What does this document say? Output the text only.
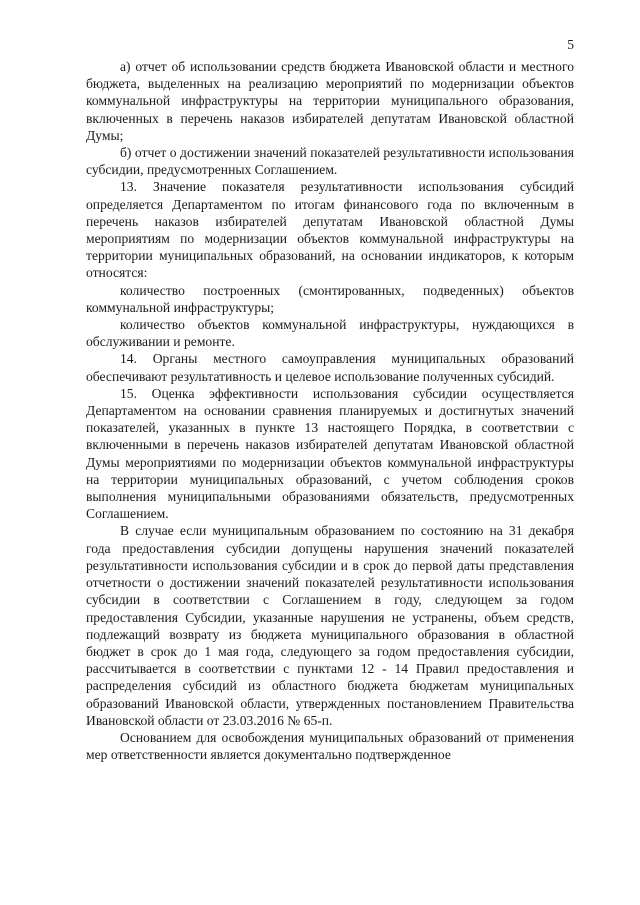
5

а) отчет об использовании средств бюджета Ивановской области и местного бюджета, выделенных на реализацию мероприятий по модернизации объектов коммунальной инфраструктуры на территории муниципального образования, включенных в перечень наказов избирателей депутатам Ивановской областной Думы;

б) отчет о достижении значений показателей результативности использования субсидии, предусмотренных Соглашением.

13. Значение показателя результативности использования субсидий определяется Департаментом по итогам финансового года по включенным в перечень наказов избирателей депутатам Ивановской областной Думы мероприятиям по модернизации объектов коммунальной инфраструктуры на территории муниципальных образований, на основании индикаторов, к которым относятся:

количество построенных (смонтированных, подведенных) объектов коммунальной инфраструктуры;

количество объектов коммунальной инфраструктуры, нуждающихся в обслуживании и ремонте.

14. Органы местного самоуправления муниципальных образований обеспечивают результативность и целевое использование полученных субсидий.

15. Оценка эффективности использования субсидии осуществляется Департаментом на основании сравнения планируемых и достигнутых значений показателей, указанных в пункте 13 настоящего Порядка, в соответствии с включенными в перечень наказов избирателей депутатам Ивановской областной Думы мероприятиями по модернизации объектов коммунальной инфраструктуры на территории муниципальных образований, с учетом соблюдения сроков выполнения муниципальными образованиями обязательств, предусмотренных Соглашением.

В случае если муниципальным образованием по состоянию на 31 декабря года предоставления субсидии допущены нарушения значений показателей результативности использования субсидии и в срок до первой даты представления отчетности о достижении значений показателей результативности использования субсидии в соответствии с Соглашением в году, следующем за годом предоставления Субсидии, указанные нарушения не устранены, объем средств, подлежащий возврату из бюджета муниципального образования в областной бюджет в срок до 1 мая года, следующего за годом предоставления субсидии, рассчитывается в соответствии с пунктами 12 - 14 Правил предоставления и распределения субсидий из областного бюджета бюджетам муниципальных образований Ивановской области, утвержденных постановлением Правительства Ивановской области от 23.03.2016 № 65-п.

Основанием для освобождения муниципальных образований от применения мер ответственности является документально подтвержденное
